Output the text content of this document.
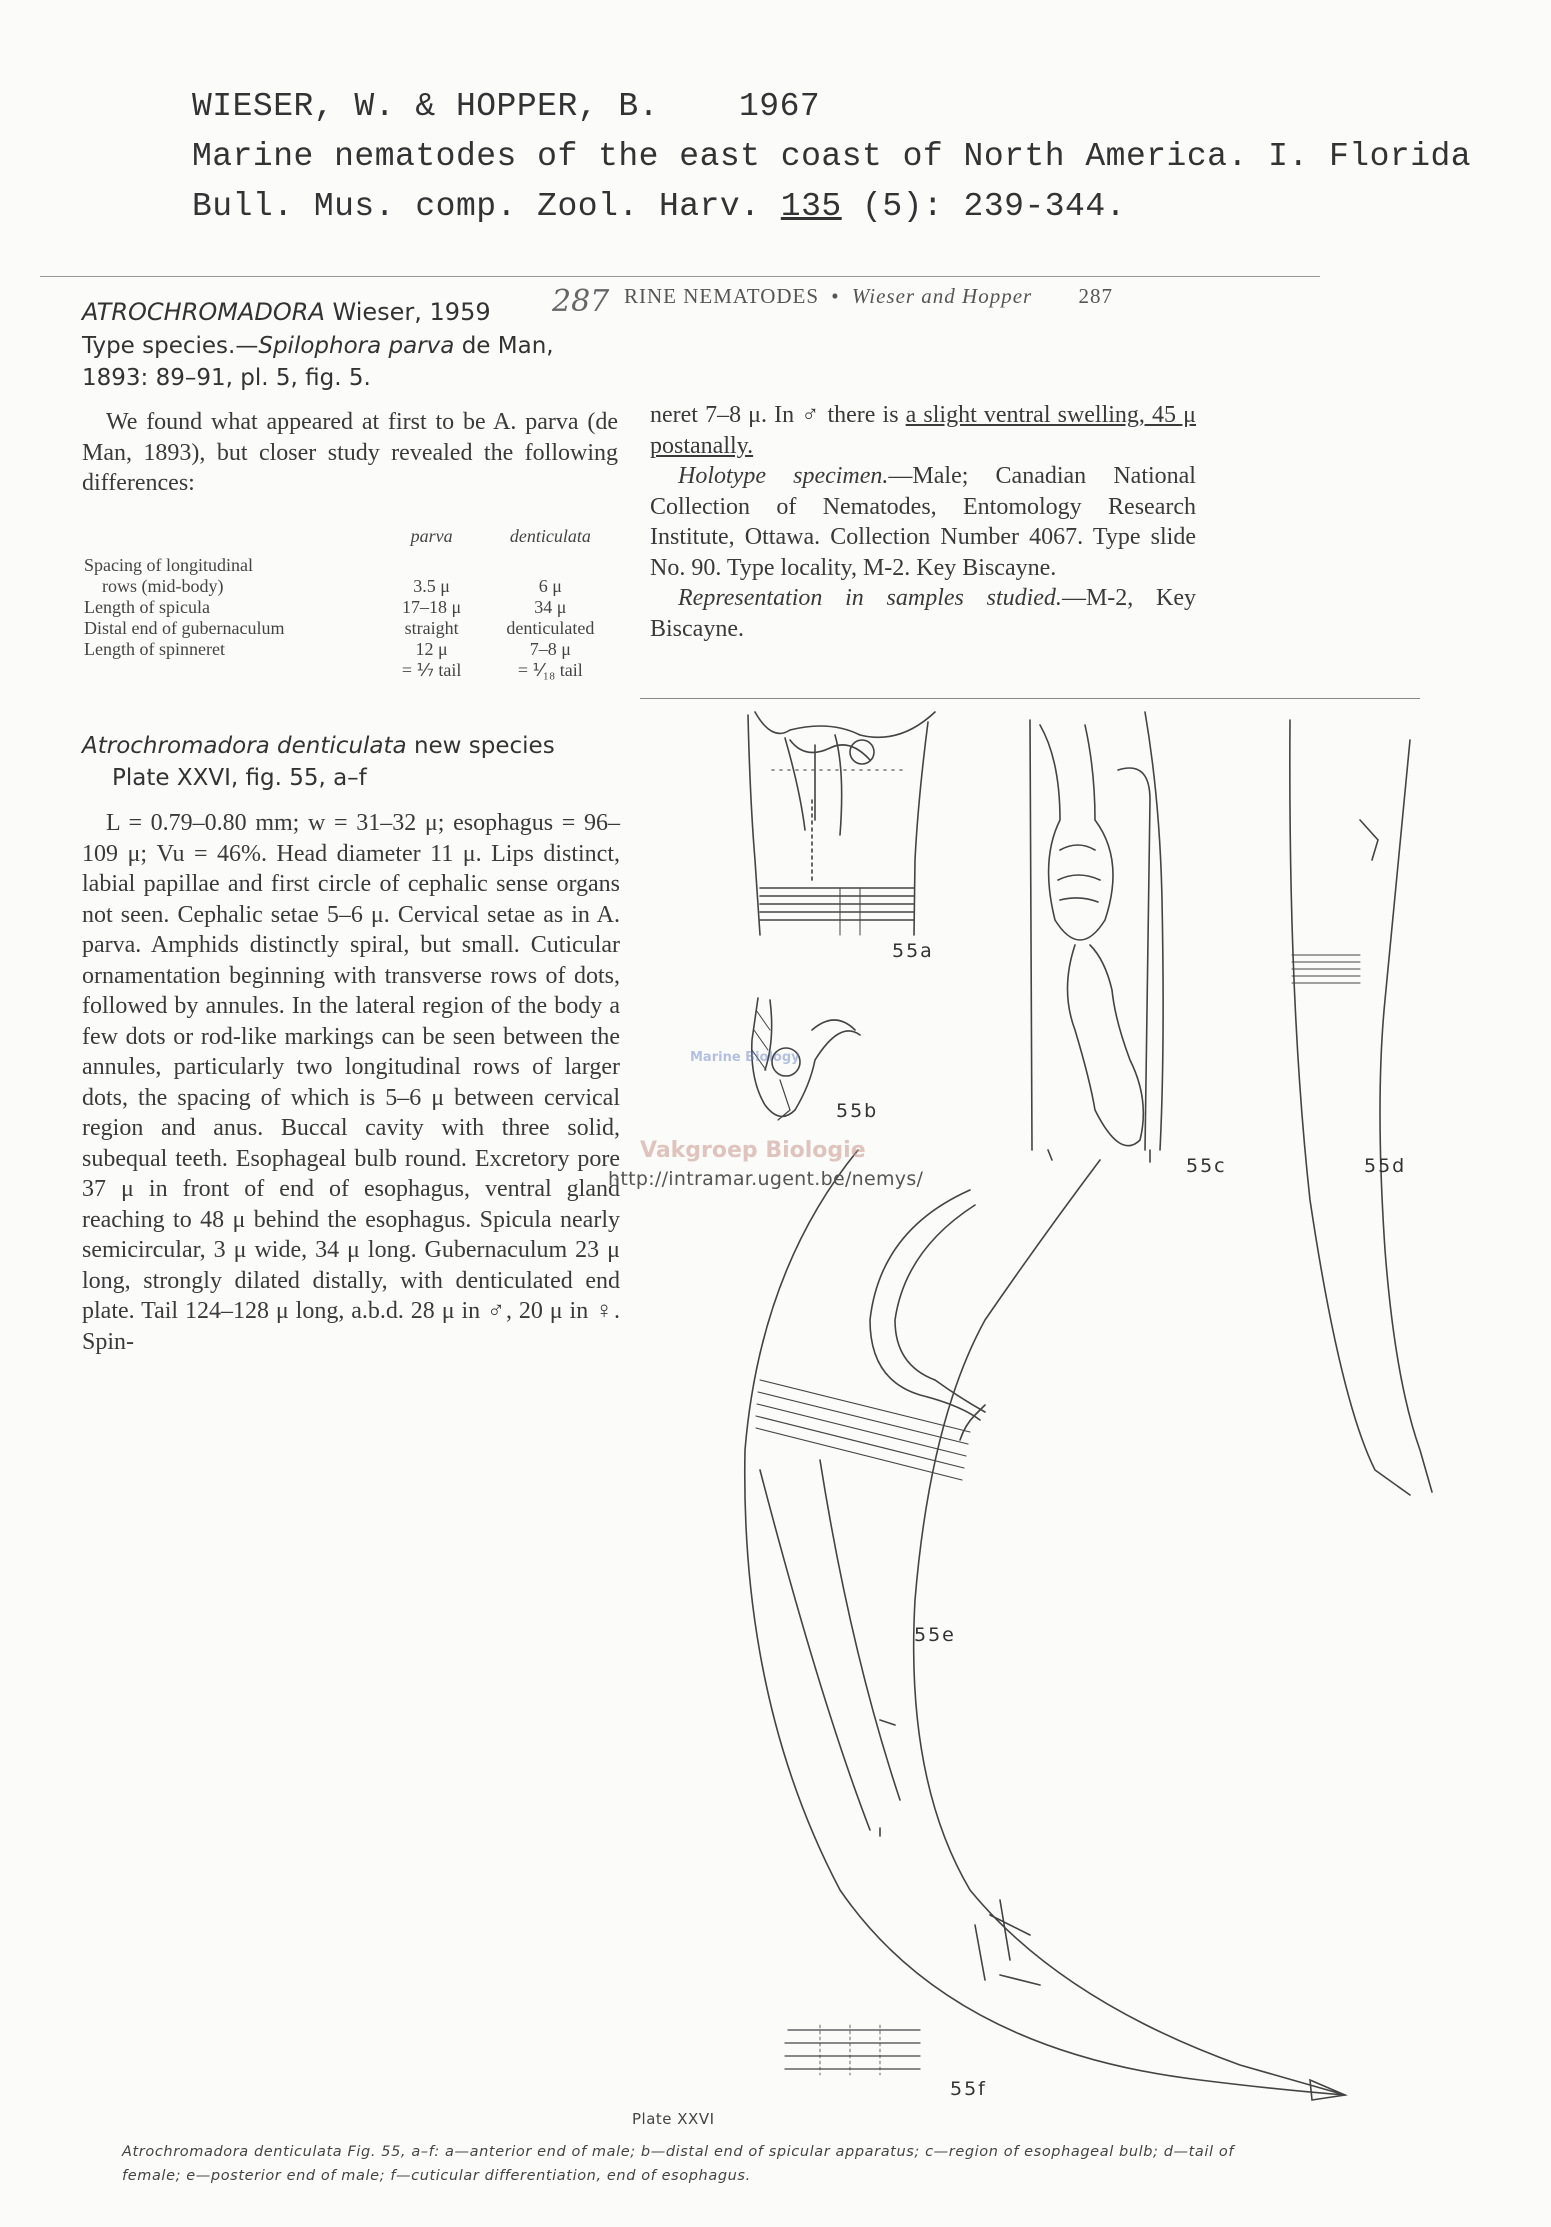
WIESER, W. & HOPPER, B. 1967
Marine nematodes of the east coast of North America. I. Florida
Bull. Mus. comp. Zool. Harv. 135 (5): 239-344.
RINE NEMATODES • Wieser and Hopper 287
287
ATROCHROMADORA Wieser, 1959
Type species.—Spilophora parva de Man, 1893: 89–91, pl. 5, fig. 5.
We found what appeared at first to be A. parva (de Man, 1893), but closer study revealed the following differences:
	parva	denticulata

Spacing of longitudinal		
rows (mid-body)	3.5 μ	6 μ
Length of spicula	17–18 μ	34 μ
Distal end of gubernaculum	straight	denticulated
Length of spinneret	12 μ	7–8 μ
	= ⅐ tail	= ⅟₁₈ tail
Atrochromadora denticulata new species
Plate XXVI, fig. 55, a–f
L = 0.79–0.80 mm; w = 31–32 μ; esophagus = 96–109 μ; Vu = 46%. Head diameter 11 μ. Lips distinct, labial papillae and first circle of cephalic sense organs not seen. Cephalic setae 5–6 μ. Cervical setae as in A. parva. Amphids distinctly spiral, but small. Cuticular ornamentation beginning with transverse rows of dots, followed by annules. In the lateral region of the body a few dots or rod-like markings can be seen between the annules, particularly two longitudinal rows of larger dots, the spacing of which is 5–6 μ between cervical region and anus. Buccal cavity with three solid, subequal teeth. Esophageal bulb round. Excretory pore 37 μ in front of end of esophagus, ventral gland reaching to 48 μ behind the esophagus. Spicula nearly semicircular, 3 μ wide, 34 μ long. Gubernaculum 23 μ long, strongly dilated distally, with denticulated end plate. Tail 124–128 μ long, a.b.d. 28 μ in ♂, 20 μ in ♀. Spin-
neret 7–8 μ. In ♂ there is a slight ventral swelling, 45 μ postanally.
Holotype specimen.—Male; Canadian National Collection of Nematodes, Entomology Research Institute, Ottawa. Collection Number 4067. Type slide No. 90. Type locality, M-2. Key Biscayne.
Representation in samples studied.—M-2, Key Biscayne.
55a
55b
55c	55d
55e
55f
Marine Biology
Vakgroep Biologie
http://intramar.ugent.be/nemys/
Plate XXVI
Atrochromadora denticulata Fig. 55, a–f: a—anterior end of male; b—distal end of spicular apparatus; c—region of esophageal bulb; d—tail of female; e—posterior end of male; f—cuticular differentiation, end of esophagus.
